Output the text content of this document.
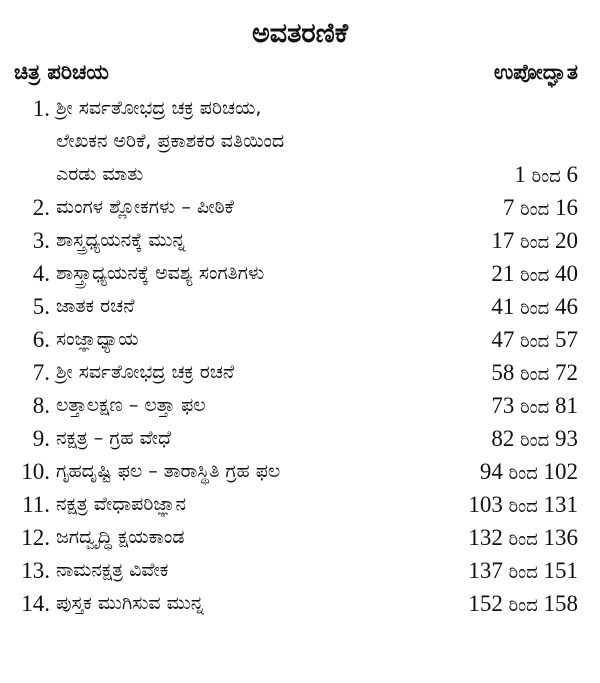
ಅವತರಣಿಕೆ
ಚಿತ್ರ ಪರಿಚಯ	ಉಪೋದ್ಘಾತ
1. ಶ್ರೀ ಸರ್ವತೋಭದ್ರ ಚಕ್ರ ಪರಿಚಯ,
ಲೇಖಕನ ಅರಿಕೆ, ಪ್ರಕಾಶಕರ ವತಿಯಿಂದ
ಎರಡು ಮಾತು	1 ರಿಂದ 6
2. ಮಂಗಳ ಶ್ಲೋಕಗಳು – ಪೀಠಿಕೆ	7 ರಿಂದ 16
3. ಶಾಸ್ತ್ರಧ್ಯಯನಕ್ಕೆ ಮುನ್ನ	17 ರಿಂದ 20
4. ಶಾಸ್ತ್ರಾಧ್ಯಯನಕ್ಕೆ ಅವಶ್ಯ ಸಂಗತಿಗಳು	21 ರಿಂದ 40
5. ಜಾತಕ ರಚನೆ	41 ರಿಂದ 46
6. ಸಂಜ್ಞಾಧ್ಯಾಯ	47 ರಿಂದ 57
7. ಶ್ರೀ ಸರ್ವತೋಭದ್ರ ಚಕ್ರ ರಚನೆ	58 ರಿಂದ 72
8. ಲತ್ತಾಲಕ್ಷಣ – ಲತ್ತಾ ಫಲ	73 ರಿಂದ 81
9. ನಕ್ಷತ್ರ – ಗ್ರಹ ವೇಧೆ	82 ರಿಂದ 93
10. ಗೃಹದೃಷ್ಟಿ ಫಲ – ತಾರಾಸ್ಥಿತಿ ಗ್ರಹ ಫಲ	94 ರಿಂದ 102
11. ನಕ್ಷತ್ರ ವೇಧಾಪರಿಜ್ಞಾನ	103 ರಿಂದ 131
12. ಜಗದ್ವೃದ್ಧಿ ಕ್ಷಯಕಾಂಡ	132 ರಿಂದ 136
13. ನಾಮನಕ್ಷತ್ರ ವಿವೇಕ	137 ರಿಂದ 151
14. ಪುಸ್ತಕ ಮುಗಿಸುವ ಮುನ್ನ	152 ರಿಂದ 158
